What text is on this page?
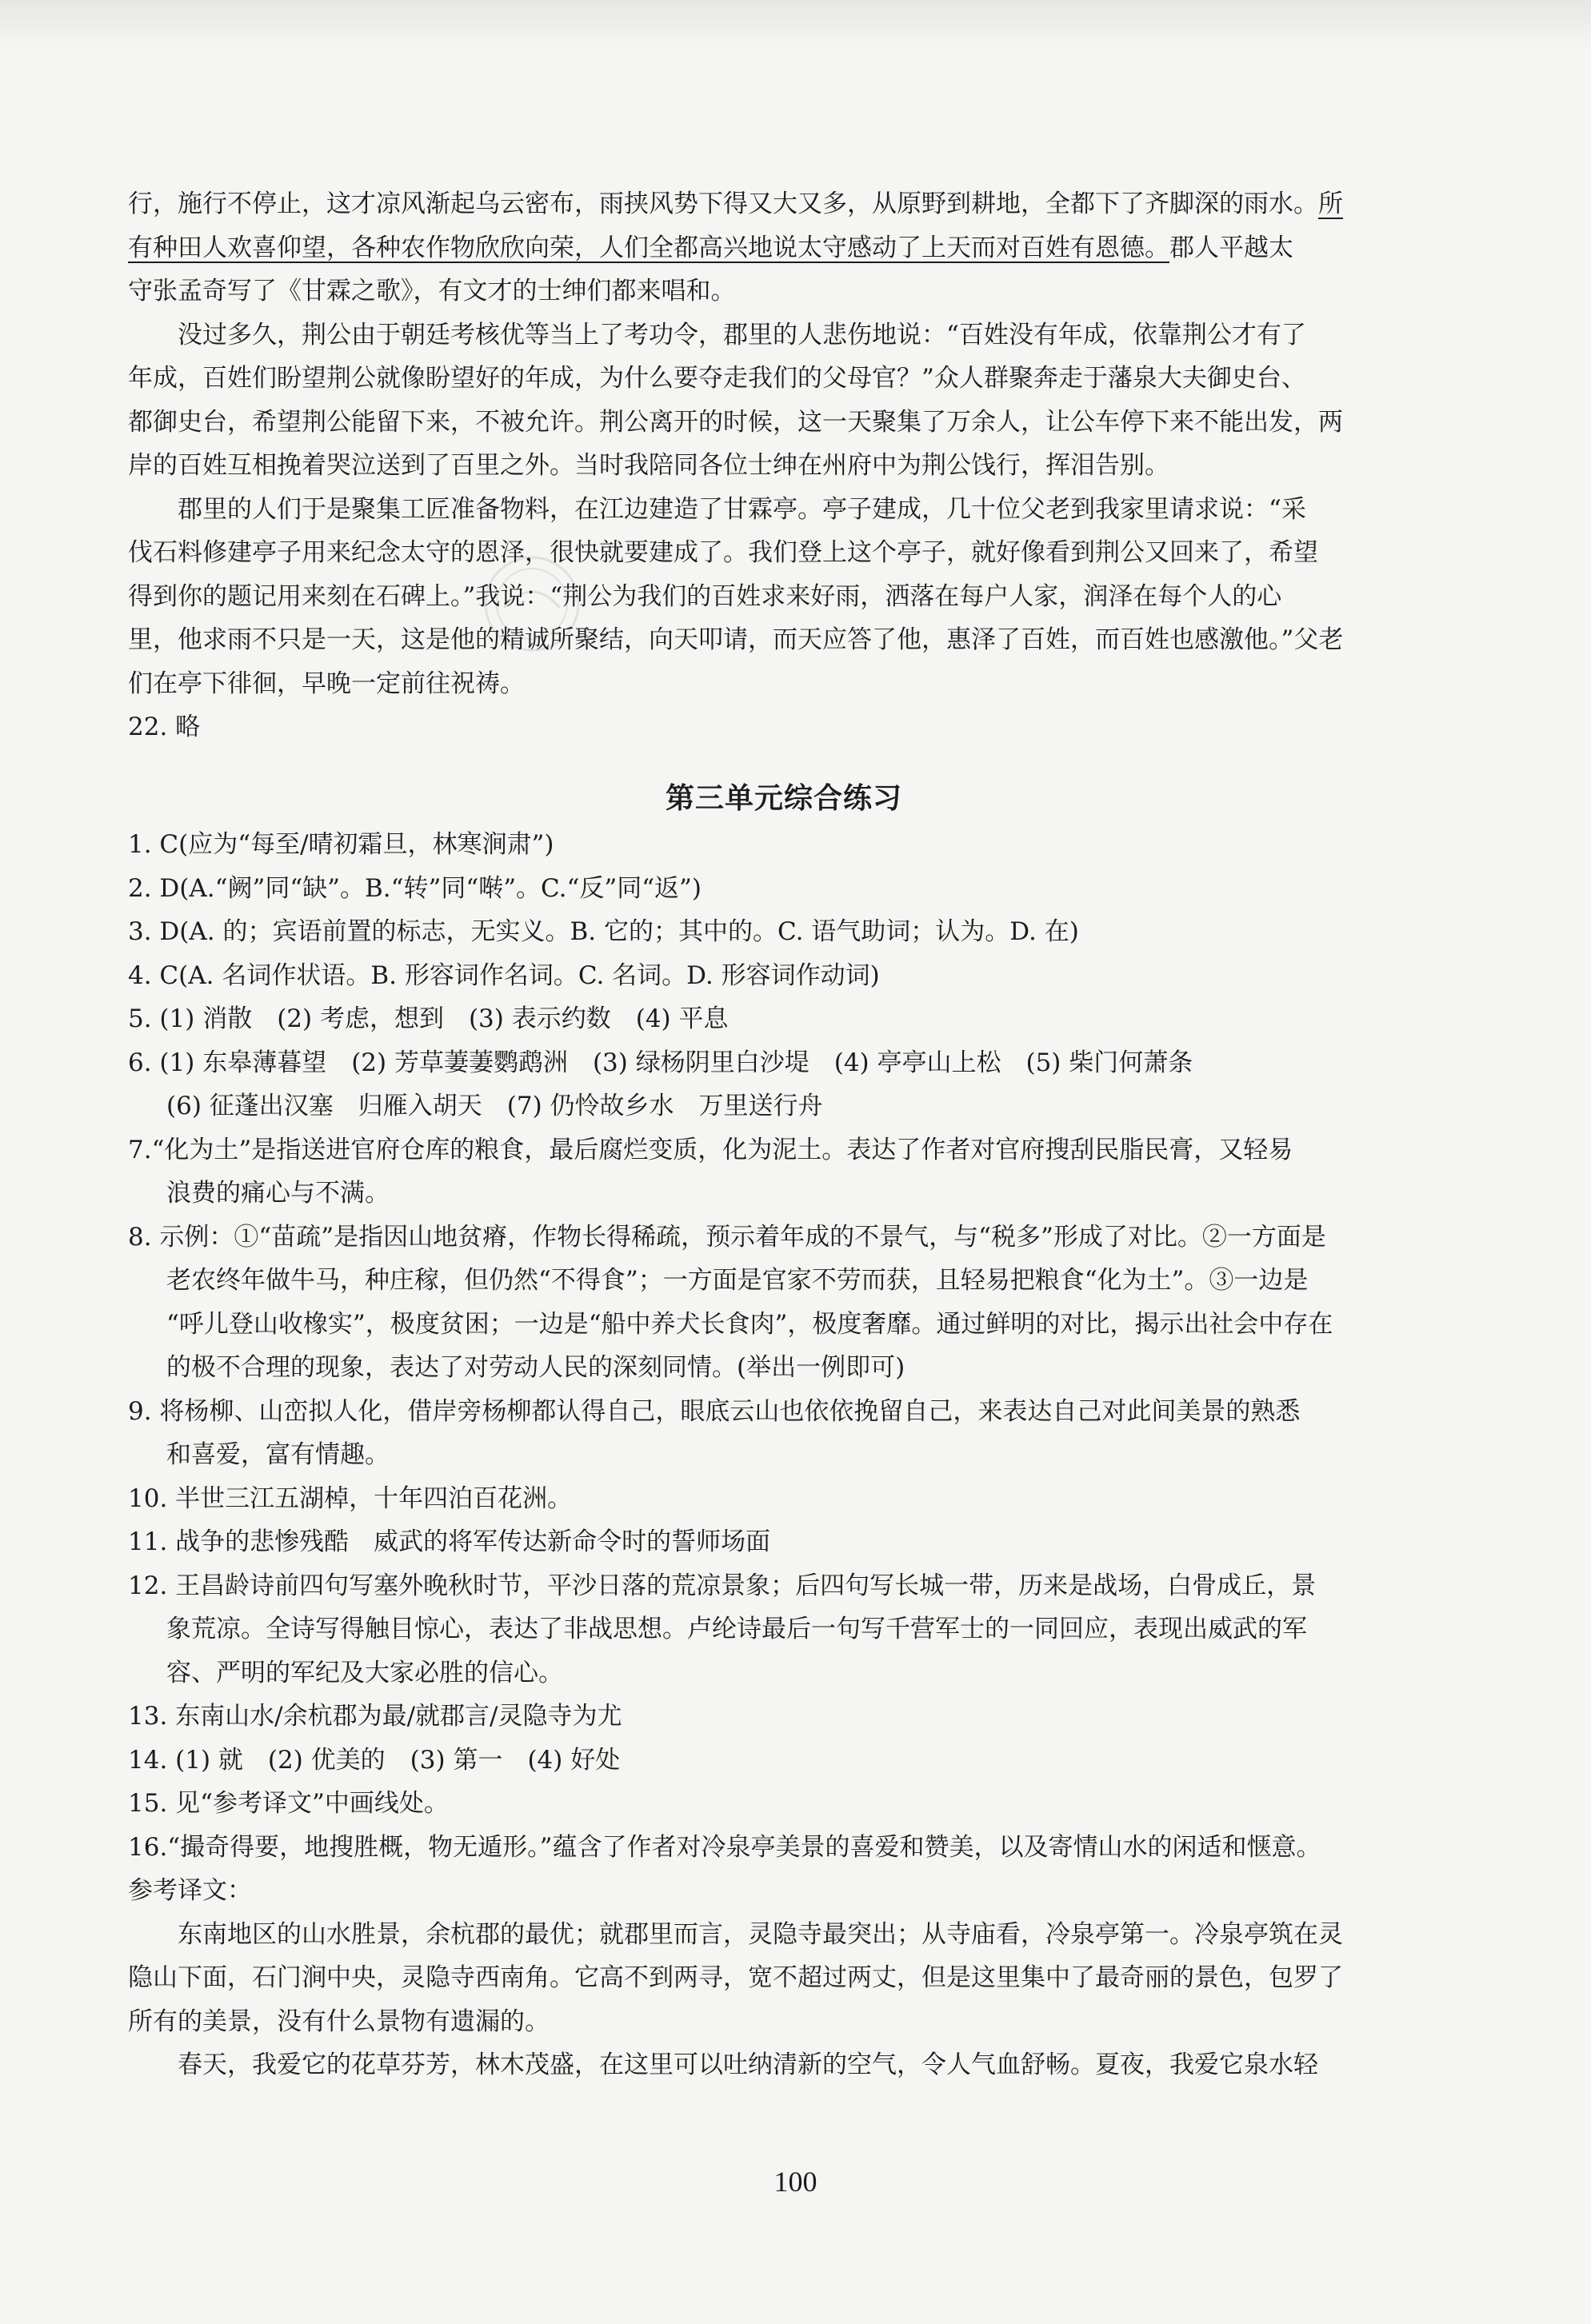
行，施行不停止，这才凉风渐起乌云密布，雨挟风势下得又大又多，从原野到耕地，全都下了齐脚深的雨水。所

有种田人欢喜仰望，各种农作物欣欣向荣，人们全都高兴地说太守感动了上天而对百姓有恩德。郡人平越太

守张孟奇写了《甘霖之歌》，有文才的士绅们都来唱和。

没过多久，荆公由于朝廷考核优等当上了考功令，郡里的人悲伤地说：“百姓没有年成，依靠荆公才有了

年成，百姓们盼望荆公就像盼望好的年成，为什么要夺走我们的父母官？”众人群聚奔走于藩泉大夫御史台、

都御史台，希望荆公能留下来，不被允许。荆公离开的时候，这一天聚集了万余人，让公车停下来不能出发，两

岸的百姓互相挽着哭泣送到了百里之外。当时我陪同各位士绅在州府中为荆公饯行，挥泪告别。

郡里的人们于是聚集工匠准备物料，在江边建造了甘霖亭。亭子建成，几十位父老到我家里请求说：“采

伐石料修建亭子用来纪念太守的恩泽，很快就要建成了。我们登上这个亭子，就好像看到荆公又回来了，希望

得到你的题记用来刻在石碑上。”我说：“荆公为我们的百姓求来好雨，洒落在每户人家，润泽在每个人的心

里，他求雨不只是一天，这是他的精诚所聚结，向天叩请，而天应答了他，惠泽了百姓，而百姓也感激他。”父老

们在亭下徘徊，早晚一定前往祝祷。

22. 略

第三单元综合练习

1. C(应为“每至/晴初霜旦，林寒涧肃”)

2. D(A.“阙”同“缺”。B.“转”同“啭”。C.“反”同“返”)

3. D(A. 的；宾语前置的标志，无实义。B. 它的；其中的。C. 语气助词；认为。D. 在)

4. C(A. 名词作状语。B. 形容词作名词。C. 名词。D. 形容词作动词)

5. (1) 消散　(2) 考虑，想到　(3) 表示约数　(4) 平息

6. (1) 东皋薄暮望　(2) 芳草萋萋鹦鹉洲　(3) 绿杨阴里白沙堤　(4) 亭亭山上松　(5) 柴门何萧条

(6) 征蓬出汉塞　归雁入胡天　(7) 仍怜故乡水　万里送行舟

7.“化为土”是指送进官府仓库的粮食，最后腐烂变质，化为泥土。表达了作者对官府搜刮民脂民膏，又轻易

浪费的痛心与不满。

8. 示例：①“苗疏”是指因山地贫瘠，作物长得稀疏，预示着年成的不景气，与“税多”形成了对比。②一方面是

老农终年做牛马，种庄稼，但仍然“不得食”；一方面是官家不劳而获，且轻易把粮食“化为土”。③一边是

“呼儿登山收橡实”，极度贫困；一边是“船中养犬长食肉”，极度奢靡。通过鲜明的对比，揭示出社会中存在

的极不合理的现象，表达了对劳动人民的深刻同情。(举出一例即可)

9. 将杨柳、山峦拟人化，借岸旁杨柳都认得自己，眼底云山也依依挽留自己，来表达自己对此间美景的熟悉

和喜爱，富有情趣。

10. 半世三江五湖棹，十年四泊百花洲。

11. 战争的悲惨残酷　威武的将军传达新命令时的誓师场面

12. 王昌龄诗前四句写塞外晚秋时节，平沙日落的荒凉景象；后四句写长城一带，历来是战场，白骨成丘，景

象荒凉。全诗写得触目惊心，表达了非战思想。卢纶诗最后一句写千营军士的一同回应，表现出威武的军

容、严明的军纪及大家必胜的信心。

13. 东南山水/余杭郡为最/就郡言/灵隐寺为尤

14. (1) 就　(2) 优美的　(3) 第一　(4) 好处

15. 见“参考译文”中画线处。

16.“撮奇得要，地搜胜概，物无遁形。”蕴含了作者对冷泉亭美景的喜爱和赞美，以及寄情山水的闲适和惬意。

参考译文：

东南地区的山水胜景，余杭郡的最优；就郡里而言，灵隐寺最突出；从寺庙看，冷泉亭第一。冷泉亭筑在灵

隐山下面，石门涧中央，灵隐寺西南角。它高不到两寻，宽不超过两丈，但是这里集中了最奇丽的景色，包罗了

所有的美景，没有什么景物有遗漏的。

春天，我爱它的花草芬芳，林木茂盛，在这里可以吐纳清新的空气，令人气血舒畅。夏夜，我爱它泉水轻

100
